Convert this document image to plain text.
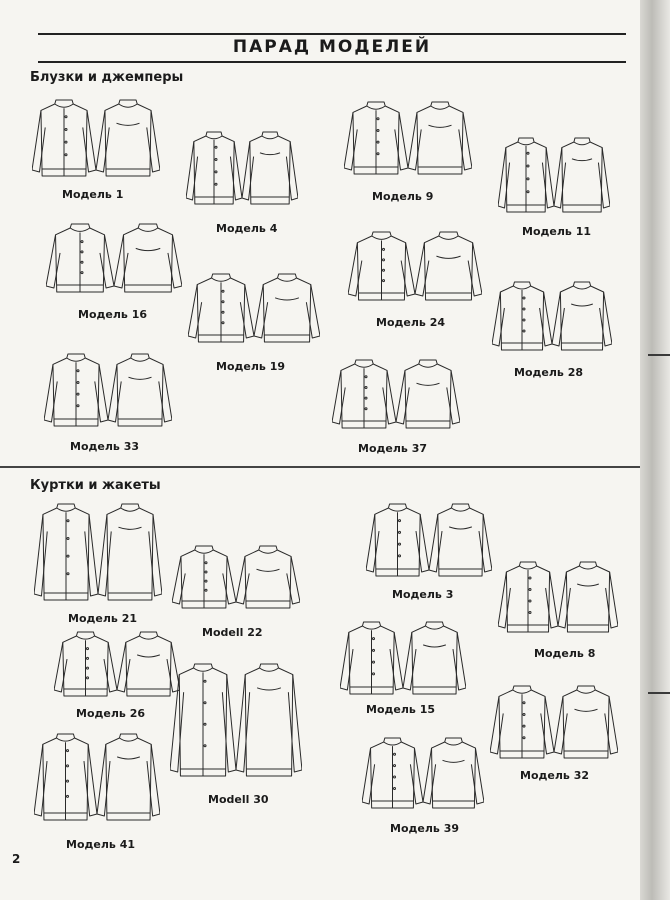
ПАРАД МОДЕЛЕЙ
Блузки и джемперы
Куртки и жакеты
Модель 1
Модель 4
Модель 9
Модель 11
Модель 16
Модель 24
Модель 19	Модель 28
Модель 33	Модель 37
Модель 21
Модель 3
Modell 22
Модель 8
Модель 26	Модель 15
Modell 30
Модель 32
Модель 41
Модель 39
2
